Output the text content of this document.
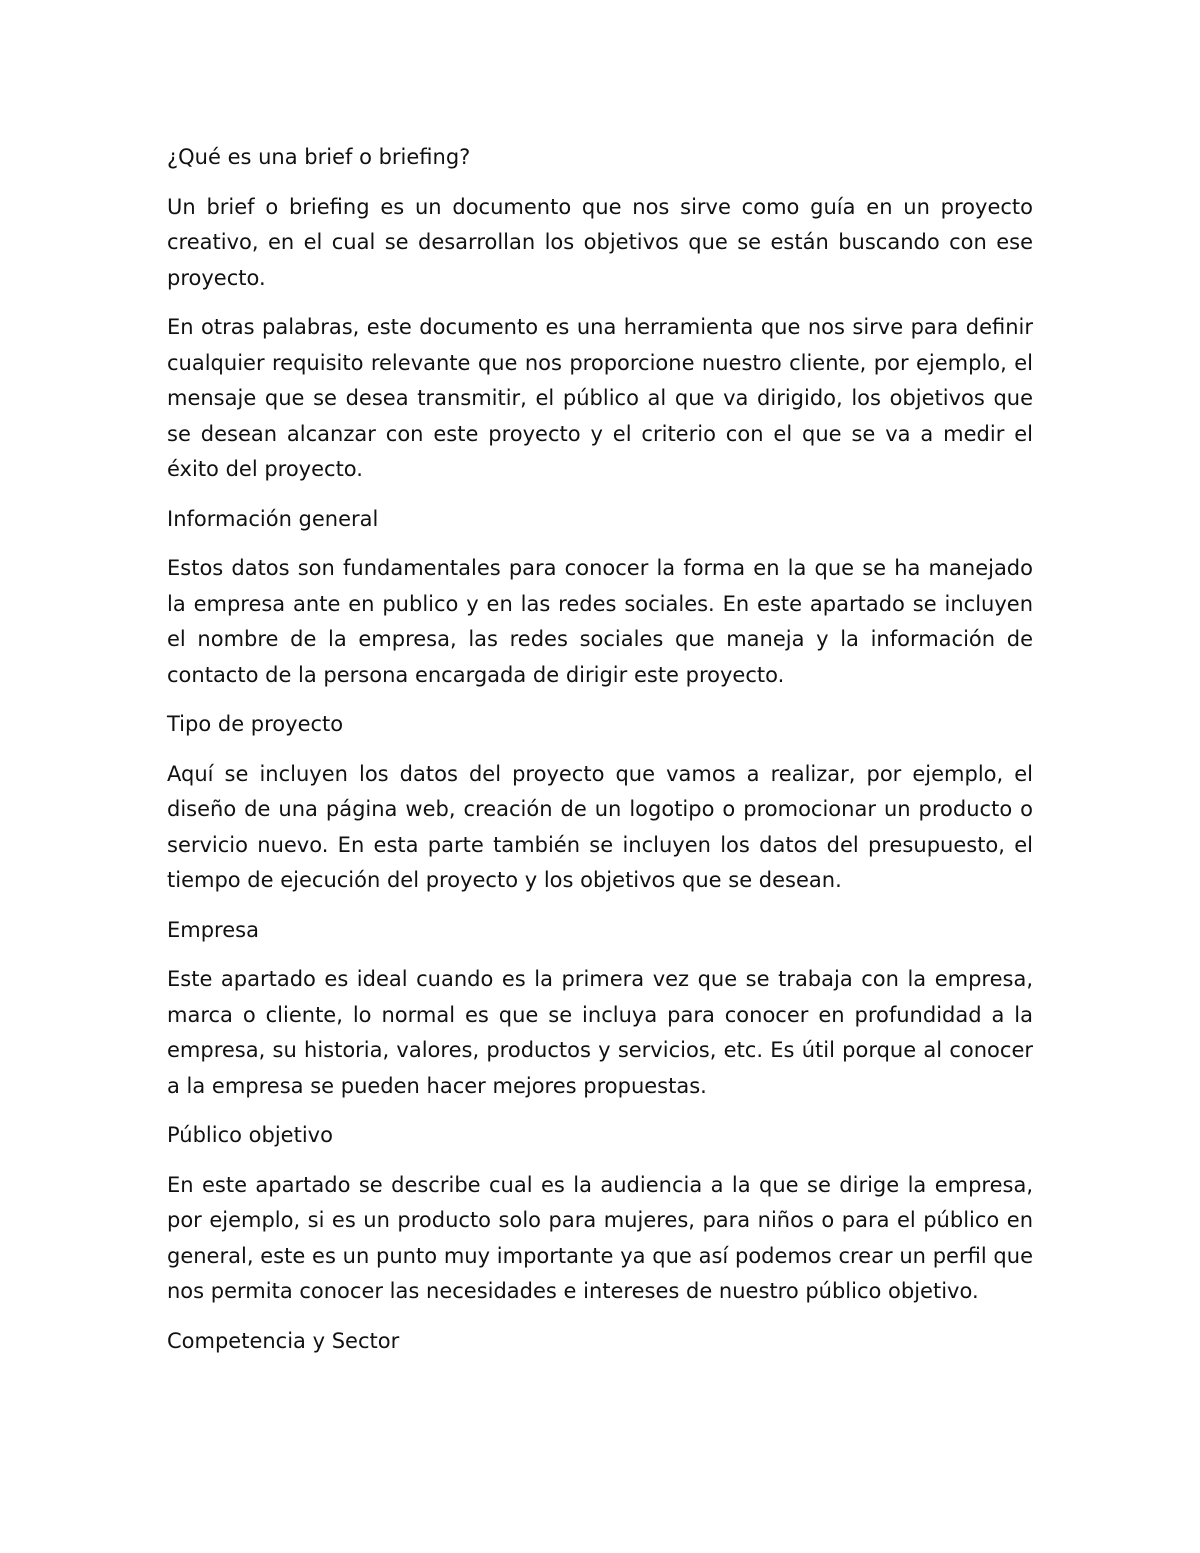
¿Qué es una brief o briefing?

Un brief o briefing es un documento que nos sirve como guía en un proyecto creativo, en el cual se desarrollan los objetivos que se están buscando con ese proyecto.

En otras palabras, este documento es una herramienta que nos sirve para definir cualquier requisito relevante que nos proporcione nuestro cliente, por ejemplo, el mensaje que se desea transmitir, el público al que va dirigido, los objetivos que se desean alcanzar con este proyecto y el criterio con el que se va a medir el éxito del proyecto.

Información general

Estos datos son fundamentales para conocer la forma en la que se ha manejado la empresa ante en publico y en las redes sociales. En este apartado se incluyen el nombre de la empresa, las redes sociales que maneja y la información de contacto de la persona encargada de dirigir este proyecto.

Tipo de proyecto

Aquí se incluyen los datos del proyecto que vamos a realizar, por ejemplo, el diseño de una página web, creación de un logotipo o promocionar un producto o servicio nuevo. En esta parte también se incluyen los datos del presupuesto, el tiempo de ejecución del proyecto y los objetivos que se desean.

Empresa

Este apartado es ideal cuando es la primera vez que se trabaja con la empresa, marca o cliente, lo normal es que se incluya para conocer en profundidad a la empresa, su historia, valores, productos y servicios, etc. Es útil porque al conocer a la empresa se pueden hacer mejores propuestas.

Público objetivo

En este apartado se describe cual es la audiencia a la que se dirige la empresa, por ejemplo, si es un producto solo para mujeres, para niños o para el público en general, este es un punto muy importante ya que así podemos crear un perfil que nos permita conocer las necesidades e intereses de nuestro público objetivo.

Competencia y Sector
